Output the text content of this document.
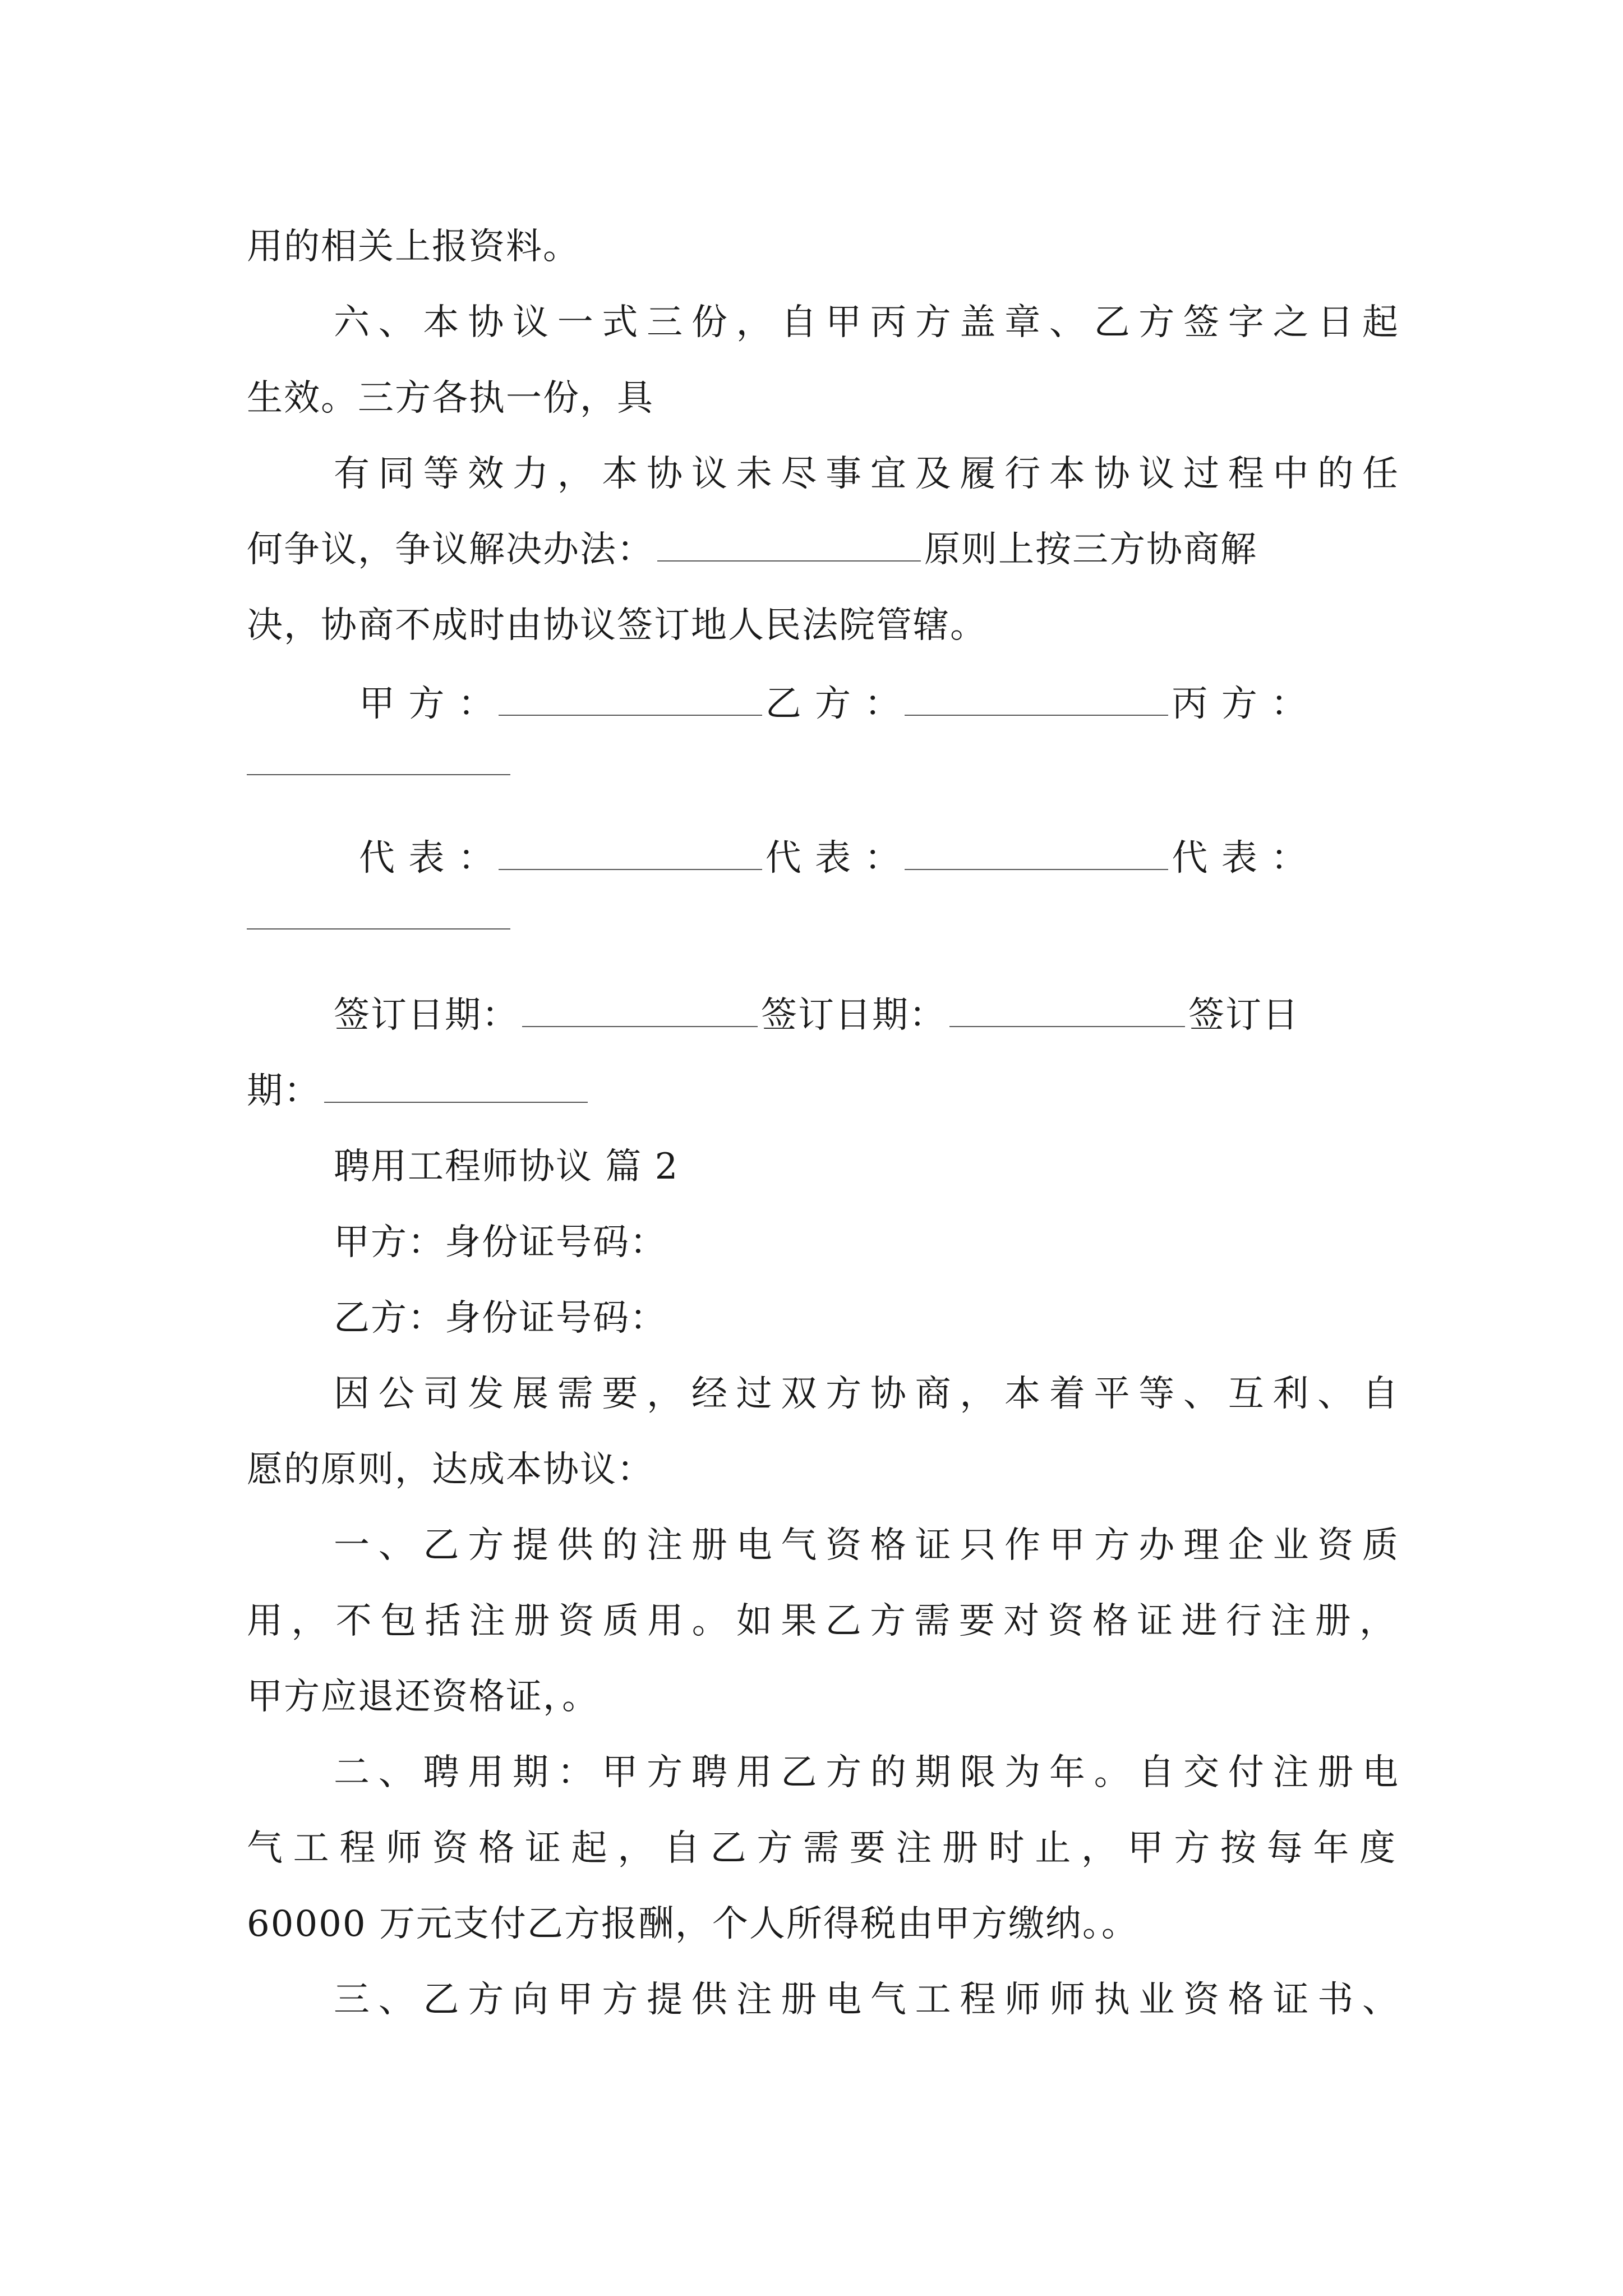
用的相关上报资料。
六、本协议一式三份，自甲丙方盖章、乙方签字之日起
生效。三方各执一份，具
有同等效力，本协议未尽事宜及履行本协议过程中的任
何争议，争议解决办法：	原则上按三方协商解
决，协商不成时由协议签订地人民法院管辖。
甲 方 ：	乙 方 ：	丙 方 ：
代 表 ：	代 表 ：	代 表 ：
签订日期：	签订日期：	签订日
期：
聘用工程师协议 篇 2
甲方：身份证号码：
乙方：身份证号码：
因公司发展需要，经过双方协商，本着平等、互利、自
愿的原则，达成本协议：
一、乙方提供的注册电气资格证只作甲方办理企业资质
用，不包括注册资质用。如果乙方需要对资格证进行注册，
甲方应退还资格证，。
二、聘用期：甲方聘用乙方的期限为年。自交付注册电
气工程师资格证起，自乙方需要注册时止，甲方按每年度
60000 万元支付乙方报酬，个人所得税由甲方缴纳。。
三、乙方向甲方提供注册电气工程师师执业资格证书、
